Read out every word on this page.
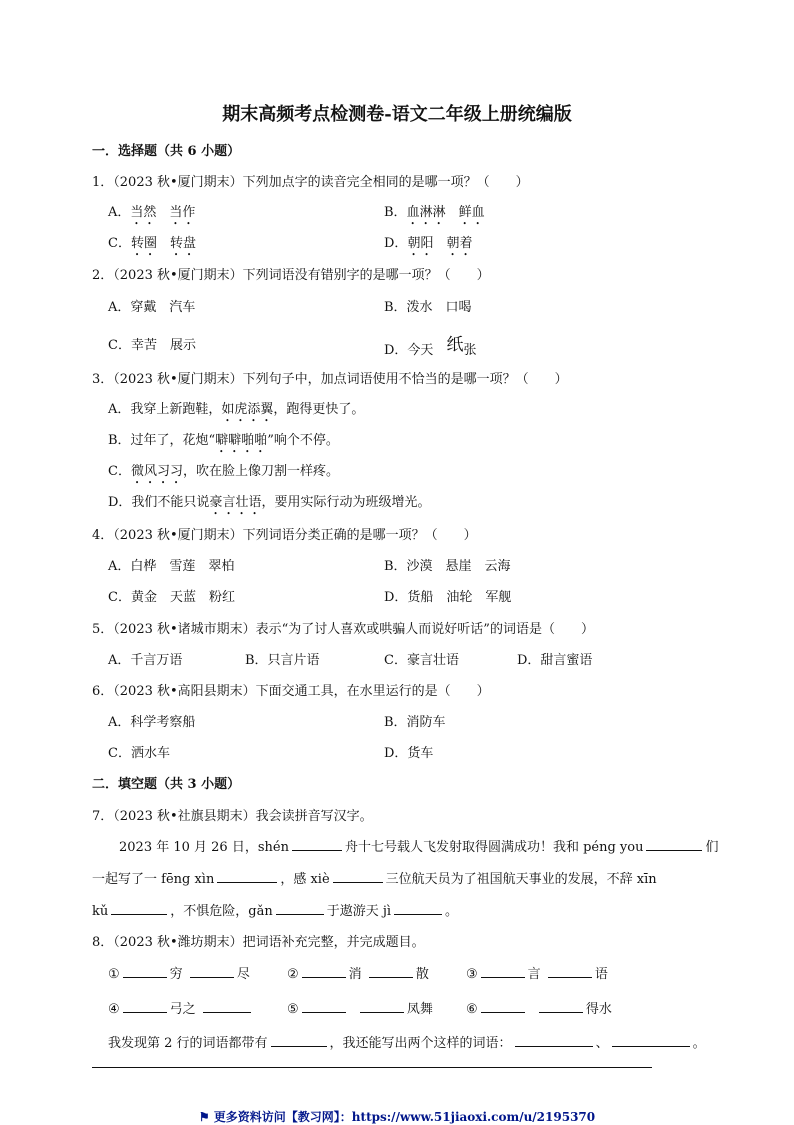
期末高频考点检测卷-语文二年级上册统编版
一．选择题（共 6 小题）
1．（2023 秋•厦门期末）下列加点字的读音完全相同的是哪一项？（　　）
A．当然　 当作	B．血淋淋　 鲜血
C．转圈　 转盘	D．朝阳　 朝着
2．（2023 秋•厦门期末）下列词语没有错别字的是哪一项？（　　）
A．穿戴　汽车	B．泼水　口喝
C．幸苦　展示	D．今天　纸张
3．（2023 秋•厦门期末）下列句子中，加点词语使用不恰当的是哪一项？（　　）
A．我穿上新跑鞋，如虎添翼，跑得更快了。
B．过年了，花炮“噼噼啪啪”响个不停。
C．微风习习，吹在脸上像刀割一样疼。
D．我们不能只说豪言壮语，要用实际行动为班级增光。
4．（2023 秋•厦门期末）下列词语分类正确的是哪一项？（　　）
A．白桦　雪莲　翠柏	B．沙漠　悬崖　云海
C．黄金　天蓝　粉红	D．货船　油轮　军舰
5．（2023 秋•诸城市期末）表示“为了讨人喜欢或哄骗人而说好听话”的词语是（　　）
A．千言万语	B．只言片语	C．豪言壮语	D．甜言蜜语
6．（2023 秋•高阳县期末）下面交通工具，在水里运行的是（　　）
A．科学考察船	B．消防车
C．洒水车	D．货车
二．填空题（共 3 小题）
7．（2023 秋•社旗县期末）我会读拼音写汉字。
2023 年 10 月 26 日，shén	舟十七号载人飞发射取得圆满成功！我和 péng you	们
一起写了一 fēng xìn	，感 xiè	三位航天员为了祖国航天事业的发展，不辞 xīn
kǔ	，不惧危险，gǎn	于遨游天 jì	。
8．（2023 秋•潍坊期末）把词语补充完整，并完成题目。
①	穷	尽	②	消	散	③	言	语
④	弓之	⑤	凤舞	⑥	得水
我发现第 2 行的词语都带有	，我还能写出两个这样的词语：	、	。
⚑ 更多资料访问【教习网】：https://www.51jiaoxi.com/u/2195370
